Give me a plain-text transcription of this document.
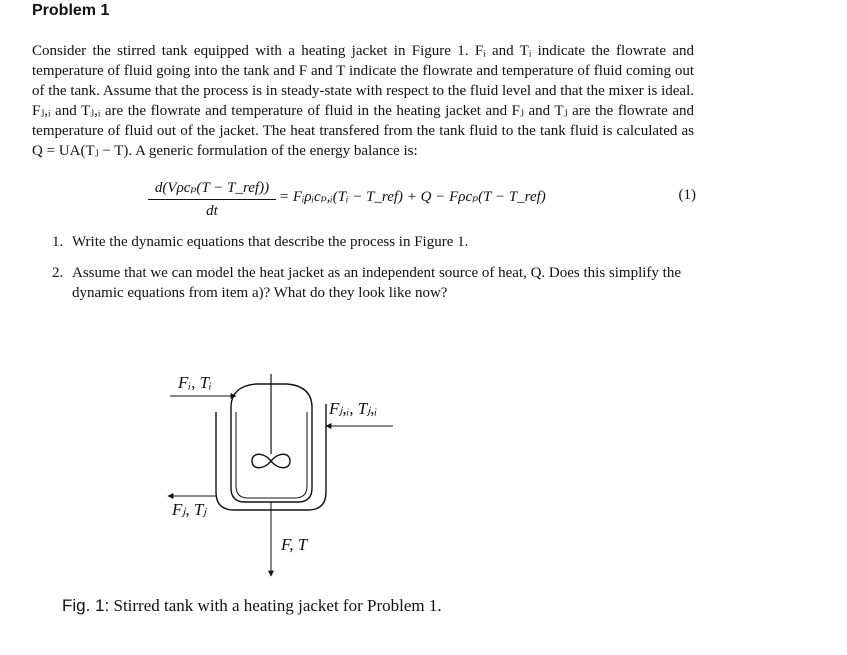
Problem 1
Consider the stirred tank equipped with a heating jacket in Figure 1. Fᵢ and Tᵢ indicate the flowrate and temperature of fluid going into the tank and F and T indicate the flowrate and temperature of fluid coming out of the tank. Assume that the process is in steady-state with respect to the fluid level and that the mixer is ideal. Fⱼ,ᵢ and Tⱼ,ᵢ are the flowrate and temperature of fluid in the heating jacket and Fⱼ and Tⱼ are the flowrate and temperature of fluid out of the jacket. The heat transfered from the tank fluid to the tank fluid is calculated as Q = UA(Tⱼ − T). A generic formulation of the energy balance is:
d(Vρcₚ(T − T_ref))
dt
= Fᵢρᵢcₚ,ᵢ(Tᵢ − T_ref) + Q − Fρcₚ(T − T_ref)	(1)
1. Write the dynamic equations that describe the process in Figure 1.
2. Assume that we can model the heat jacket as an independent source of heat, Q. Does this simplify the dynamic equations from item a)? What do they look like now?
Fᵢ, Tᵢ
Fⱼ,ᵢ, Tⱼ,ᵢ
Fⱼ, Tⱼ
F, T
Fig. 1: Stirred tank with a heating jacket for Problem 1.
